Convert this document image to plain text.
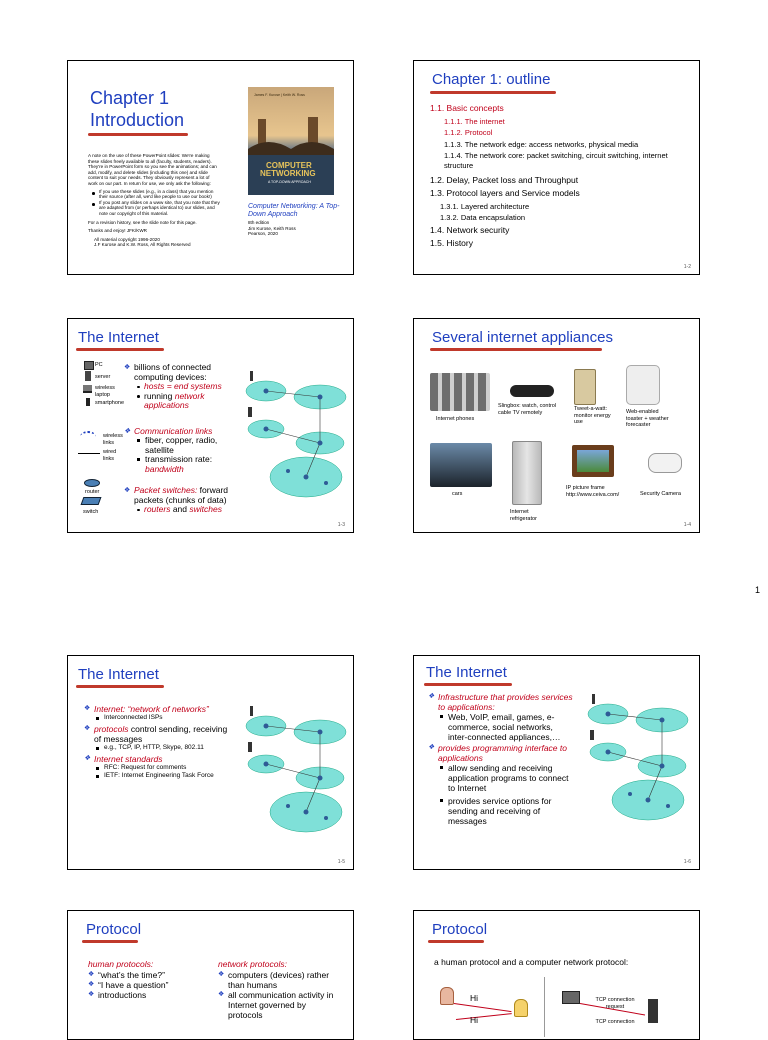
1
Chapter 1
Introduction
A note on the use of these PowerPoint slides: We're making these slides freely available to all (faculty, students, readers). They're in PowerPoint form so you see the animations; and can add, modify, and delete slides (including this one) and slide content to suit your needs. They obviously represent a lot of work on our part. In return for use, we only ask the following:
If you use these slides (e.g., in a class) that you mention their source (after all, we'd like people to use our book!)
If you post any slides on a www site, that you note that they are adapted from (or perhaps identical to) our slides, and note our copyright of this material.
For a revision history, see the slide note for this page.
Thanks and enjoy! JFK/KWR
All material copyright 1996-2020
J.F Kurose and K.W. Ross, All Rights Reserved
James F. Kurose | Keith W. Ross
COMPUTER
NETWORKING
A TOP-DOWN APPROACH
Computer Networking: A Top-Down Approach
8th edition
Jim Kurose, Keith Ross
Pearson, 2020
Chapter 1: outline
1.1. Basic concepts
1.1.1. The internet
1.1.2. Protocol
1.1.3. The network edge: access networks, physical media
1.1.4. The network core: packet switching, circuit switching, internet structure
1.2. Delay, Packet loss and Throughput
1.3. Protocol layers and Service models
1.3.1. Layered architecture
1.3.2. Data encapsulation
1.4. Network security
1.5. History
1-2
The Internet
PC
server
wireless laptop
smartphone
wireless links
wired links
router
switch
❖ billions of connected computing devices:
hosts = end systems
running network applications
❖ Communication links
fiber, copper, radio, satellite
transmission rate: bandwidth
❖ Packet switches: forward packets (chunks of data)
routers and switches
1-3
Several internet appliances
Internet phones
Slingbox: watch, control cable TV remotely
Tweet-a-watt: monitor energy use
Web-enabled toaster + weather forecaster
cars
Internet refrigerator
IP picture frame http://www.ceiva.com/	Security Camera
1-4
The Internet
❖ Internet: “network of networks”
Interconnected ISPs
❖ protocols control sending, receiving of messages
e.g., TCP, IP, HTTP, Skype, 802.11
❖ Internet standards
RFC: Request for comments
IETF: Internet Engineering Task Force
1-5
The Internet
❖ Infrastructure that provides services to applications:
Web, VoIP, email, games, e-commerce, social networks, inter-connected appliances,…
❖ provides programming interface to applications
allow sending and receiving application programs to connect to Internet
provides service options for sending and receiving of messages
1-6
Protocol
human protocols:
❖ “what’s the time?”
❖ “I have a question”
❖ introductions
network protocols:
❖ computers (devices) rather than humans
❖ all communication activity in Internet governed by protocols
Protocol
a human protocol and a computer network protocol:
Hi
Hi
TCP connection request
TCP connection
